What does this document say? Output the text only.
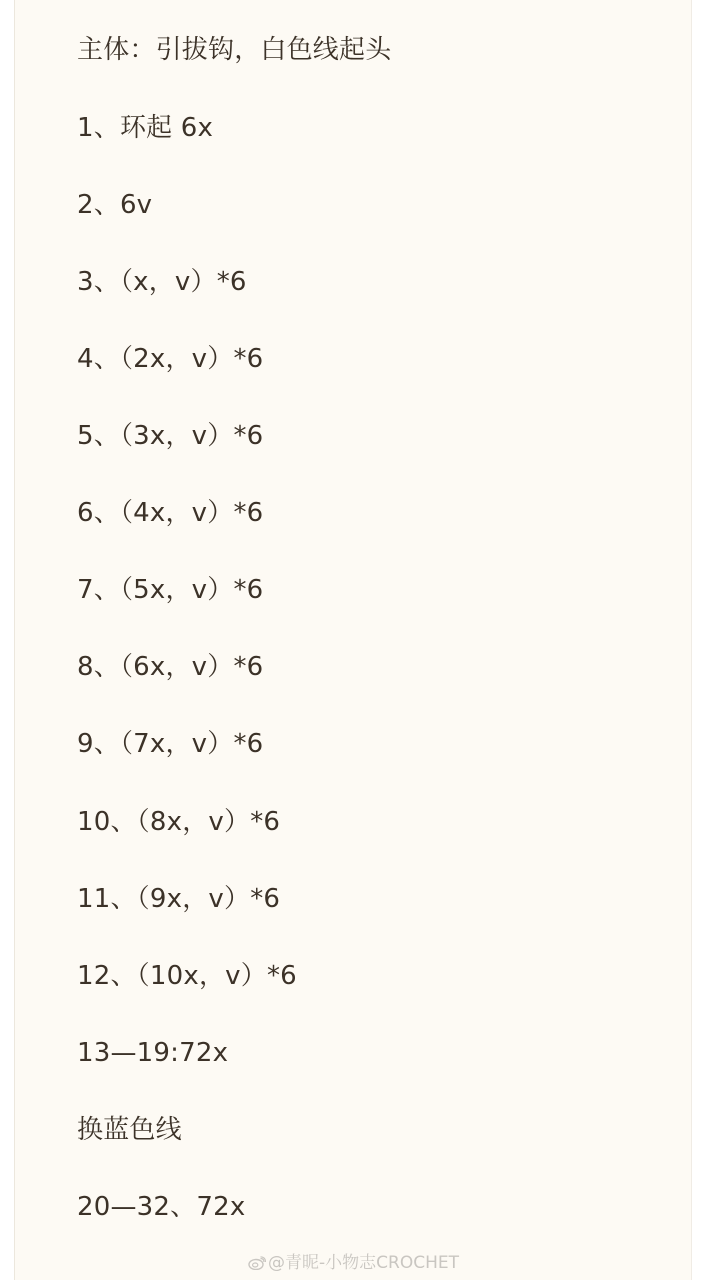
主体：引拔钩，白色线起头
1、环起 6x
2、6v
3、（x，v）*6
4、（2x，v）*6
5、（3x，v）*6
6、（4x，v）*6
7、（5x，v）*6
8、（6x，v）*6
9、（7x，v）*6
10、（8x，v）*6
11、（9x，v）*6
12、（10x，v）*6
13—19:72x
换蓝色线
20—32、72x
@青昵-小物志CROCHET
